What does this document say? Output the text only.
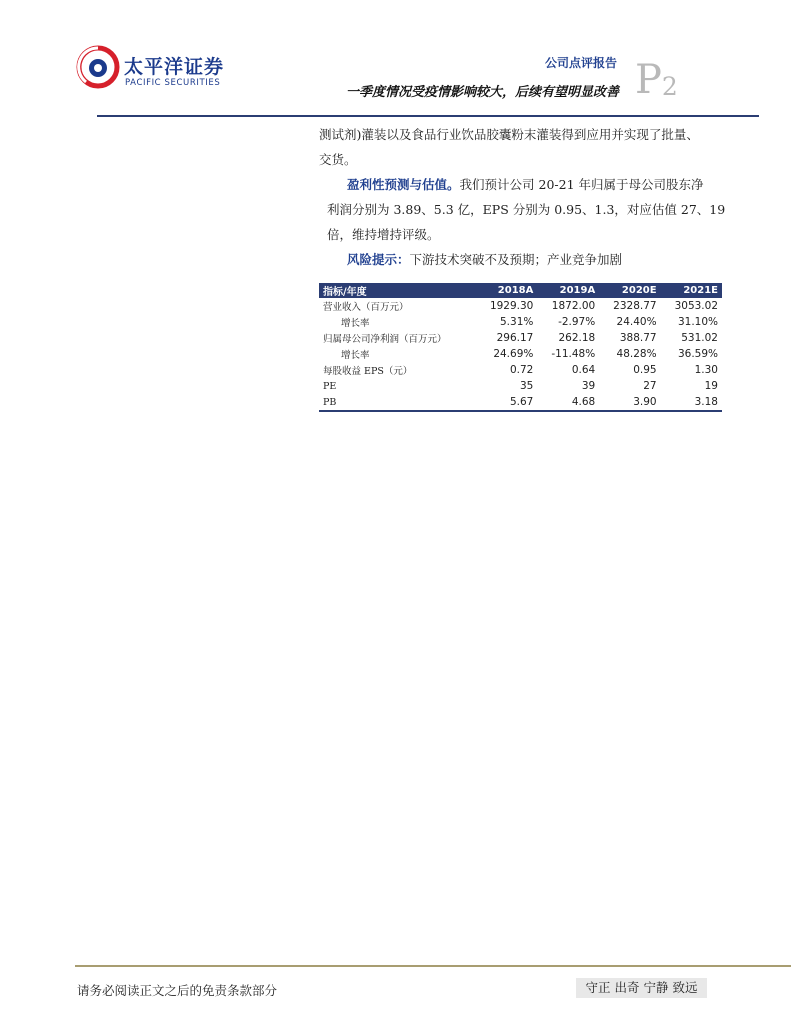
太平洋证券
PACIFIC SECURITIES
公司点评报告
一季度情况受疫情影响较大，后续有望明显改善 $P_2$

测试剂)灌装以及食品行业饮品胶囊粉末灌装得到应用并实现了批量、

交货。

盈利性预测与估值。我们预计公司 20-21 年归属于母公司股东净

利润分别为 3.89、5.3 亿，EPS 分别为 0.95、1.3，对应估值 27、19

倍，维持增持评级。

风险提示：下游技术突破不及预期；产业竞争加剧

指标/年度	2018A	2019A	2020E	2021E
营业收入（百万元）	1929.30	1872.00	2328.77	3053.02
增长率	5.31%	-2.97%	24.40%	31.10%
归属母公司净利润（百万元）	296.17	262.18	388.77	531.02
增长率	24.69%	-11.48%	48.28%	36.59%
每股收益 EPS（元）	0.72	0.64	0.95	1.30
PE	35	39	27	19
PB	5.67	4.68	3.90	3.18
请务必阅读正文之后的免责条款部分	守正 出奇 宁静 致远
